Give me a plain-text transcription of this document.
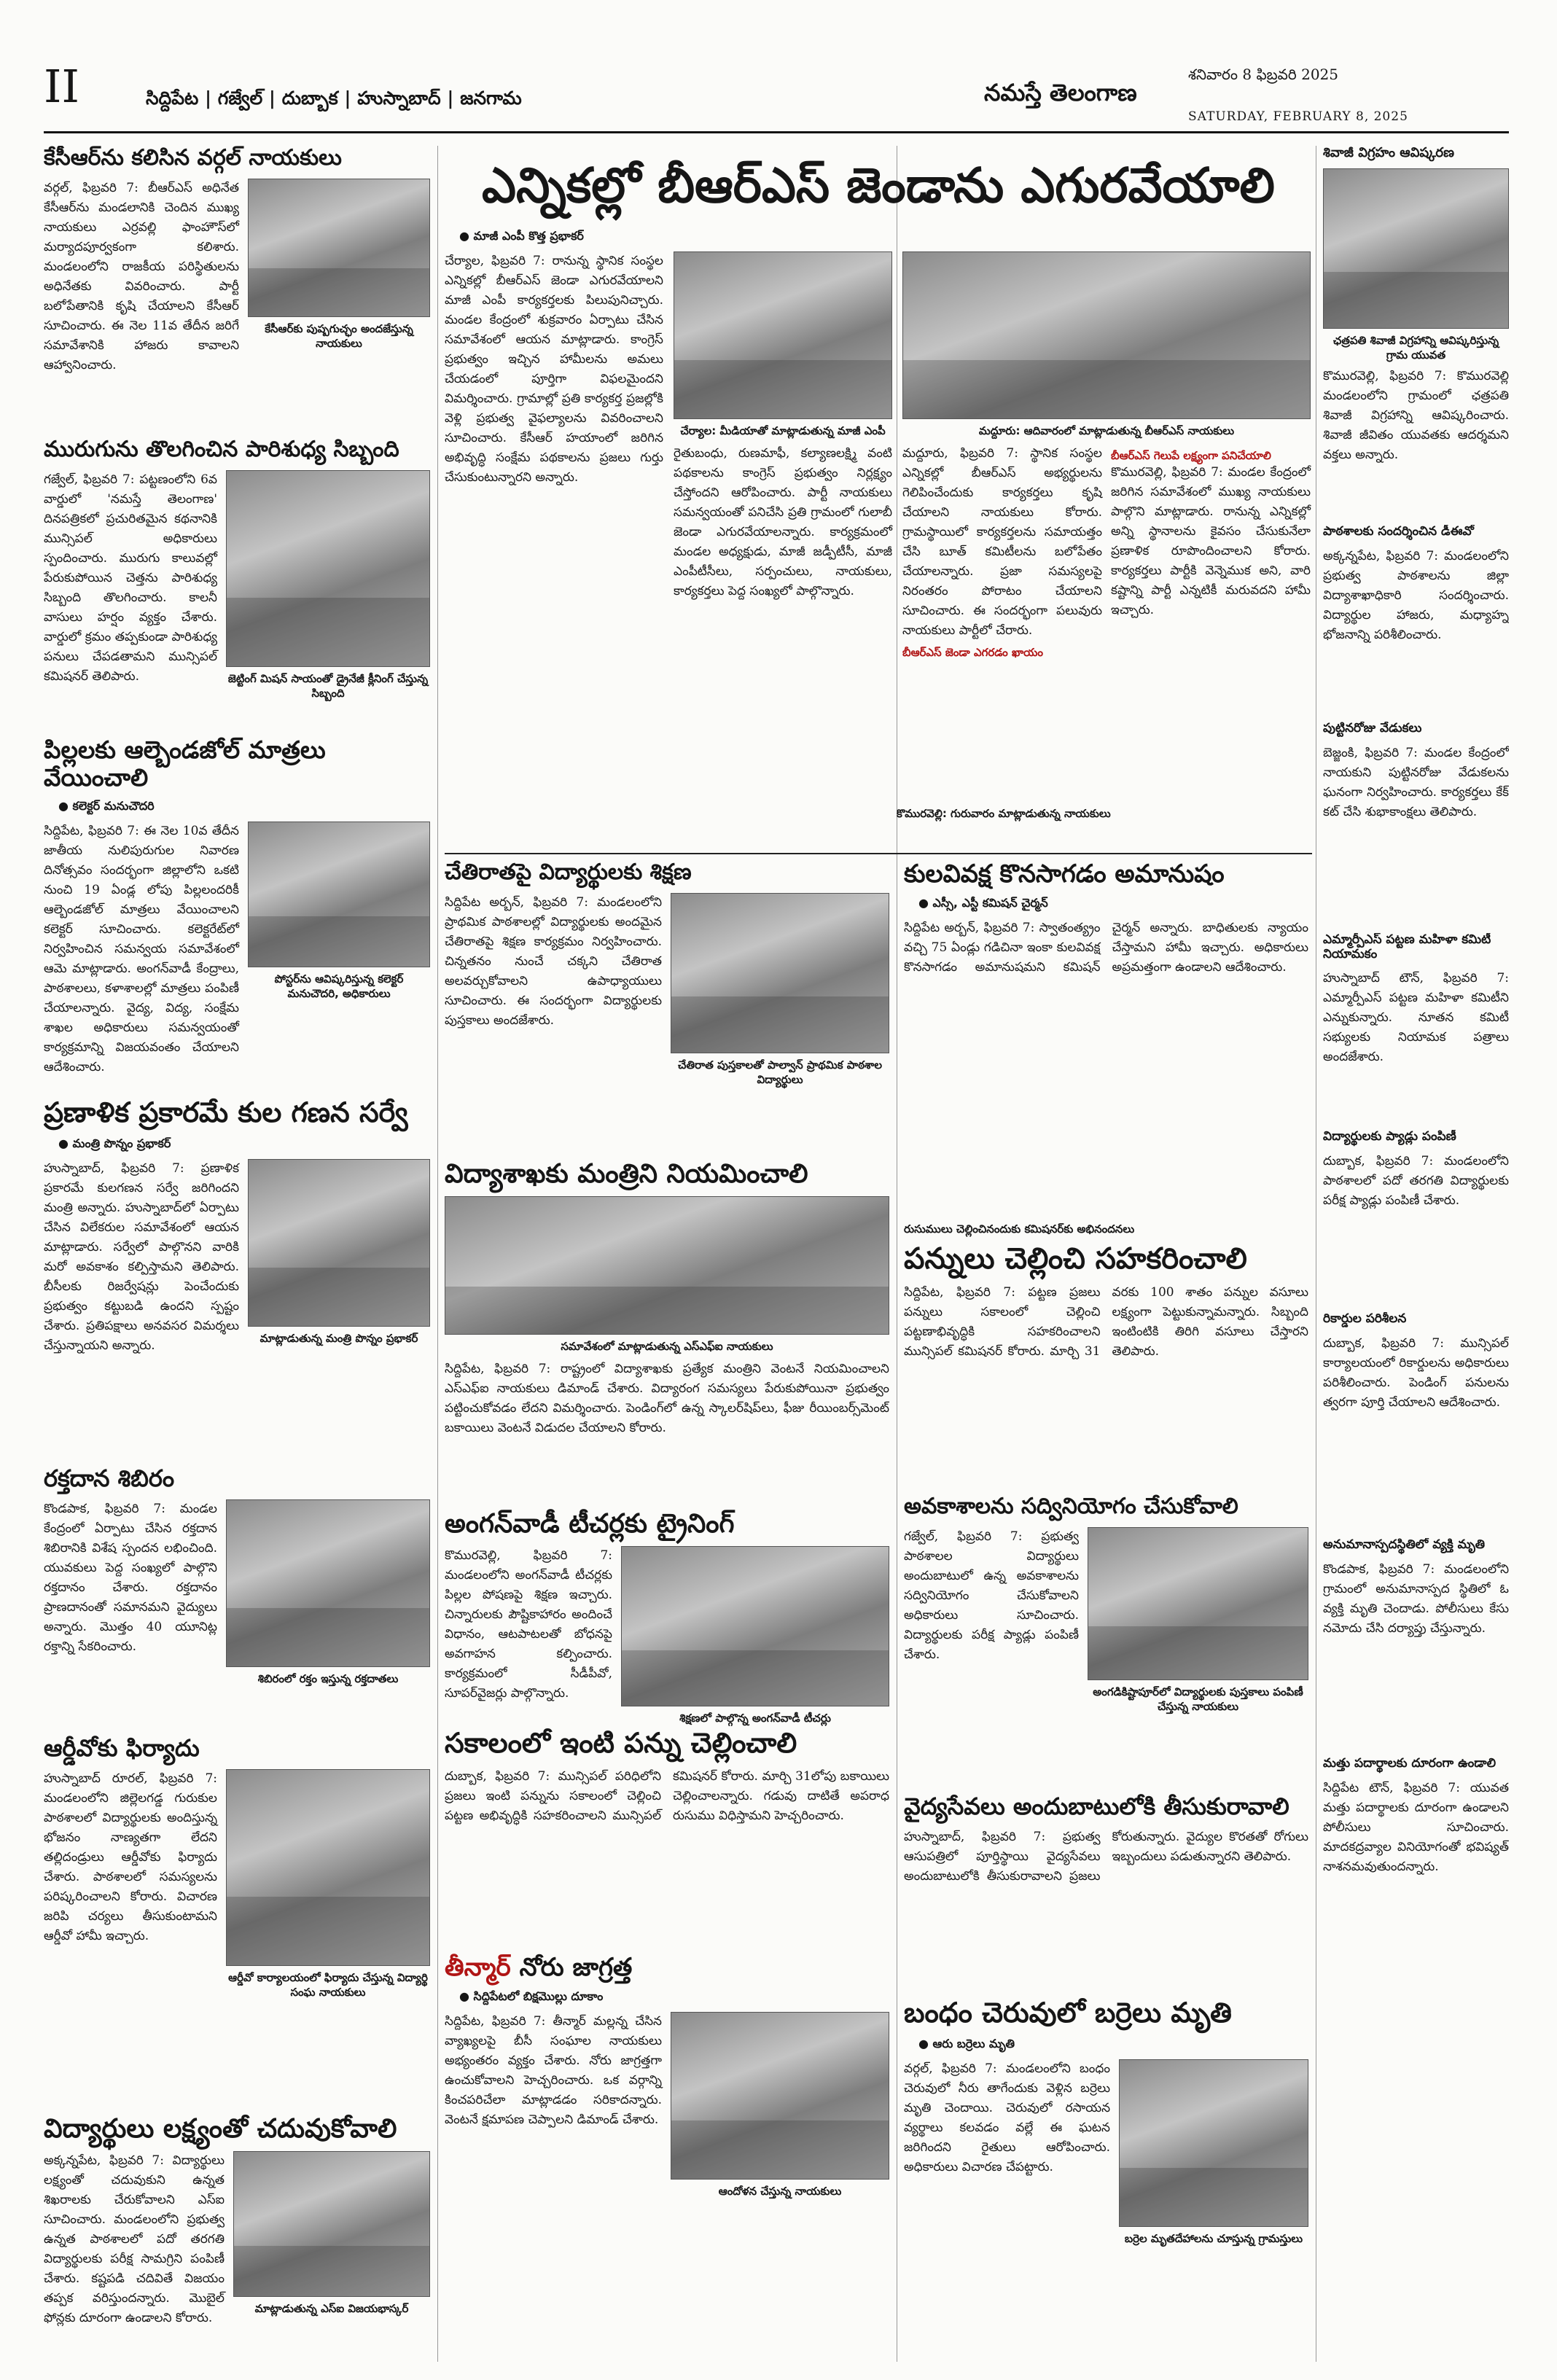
II	సిద్దిపేట | గజ్వేల్ | దుబ్బాక | హుస్నాబాద్ | జనగామ	నమస్తే తెలంగాణ
శనివారం 8 ఫిబ్రవరి 2025
SATURDAY, FEBRUARY 8, 2025
కేసీఆర్‌ను కలిసిన వర్గల్ నాయకులు
వర్గల్, ఫిబ్రవరి 7: బీఆర్ఎస్ అధినేత కేసీఆర్‌ను మండలానికి చెందిన ముఖ్య నాయకులు ఎర్రవల్లి ఫాంహౌస్‌లో మర్యాదపూర్వకంగా కలిశారు. మండలంలోని రాజకీయ పరిస్థితులను అధినేతకు వివరించారు. పార్టీ బలోపేతానికి కృషి చేయాలని కేసీఆర్ సూచించారు. ఈ నెల 11వ తేదీన జరిగే సమావేశానికి హాజరు కావాలని ఆహ్వానించారు.
కేసీఆర్‌కు పుష్పగుచ్ఛం అందజేస్తున్న నాయకులు
మురుగును తొలగించిన పారిశుధ్య సిబ్బంది
గజ్వేల్, ఫిబ్రవరి 7: పట్టణంలోని 6వ వార్డులో 'నమస్తే తెలంగాణ' దినపత్రికలో ప్రచురితమైన కథనానికి మున్సిపల్ అధికారులు స్పందించారు. మురుగు కాలువల్లో పేరుకుపోయిన చెత్తను పారిశుధ్య సిబ్బంది తొలగించారు. కాలనీ వాసులు హర్షం వ్యక్తం చేశారు. వార్డులో క్రమం తప్పకుండా పారిశుధ్య పనులు చేపడతామని మున్సిపల్ కమిషనర్ తెలిపారు.	జెట్టింగ్ మిషన్ సాయంతో డ్రైనేజీ క్లీనింగ్ చేస్తున్న సిబ్బంది
పిల్లలకు ఆల్బెండజోల్ మాత్రలు వేయించాలి
● కలెక్టర్ మనుచౌదరి
సిద్దిపేట, ఫిబ్రవరి 7: ఈ నెల 10వ తేదీన జాతీయ నులిపురుగుల నివారణ దినోత్సవం సందర్భంగా జిల్లాలోని ఒకటి నుంచి 19 ఏండ్ల లోపు పిల్లలందరికీ ఆల్బెండజోల్ మాత్రలు వేయించాలని కలెక్టర్ సూచించారు. కలెక్టరేట్‌లో నిర్వహించిన సమన్వయ సమావేశంలో ఆమె మాట్లాడారు. అంగన్‌వాడీ కేంద్రాలు, పాఠశాలలు, కళాశాలల్లో మాత్రలు పంపిణీ చేయాలన్నారు. వైద్య, విద్య, సంక్షేమ శాఖల అధికారులు సమన్వయంతో కార్యక్రమాన్ని విజయవంతం చేయాలని ఆదేశించారు.
పోస్టర్‌ను ఆవిష్కరిస్తున్న కలెక్టర్ మనుచౌదరి, అధికారులు
ప్రణాళిక ప్రకారమే కుల గణన సర్వే
● మంత్రి పొన్నం ప్రభాకర్
హుస్నాబాద్, ఫిబ్రవరి 7: ప్రణాళిక ప్రకారమే కులగణన సర్వే జరిగిందని మంత్రి అన్నారు. హుస్నాబాద్‌లో ఏర్పాటు చేసిన విలేకరుల సమావేశంలో ఆయన మాట్లాడారు. సర్వేలో పాల్గొనని వారికి మరో అవకాశం కల్పిస్తామని తెలిపారు. బీసీలకు రిజర్వేషన్లు పెంచేందుకు ప్రభుత్వం కట్టుబడి ఉందని స్పష్టం చేశారు. ప్రతిపక్షాలు అనవసర విమర్శలు చేస్తున్నాయని అన్నారు.	మాట్లాడుతున్న మంత్రి పొన్నం ప్రభాకర్
రక్తదాన శిబిరం
కొండపాక, ఫిబ్రవరి 7: మండల కేంద్రంలో ఏర్పాటు చేసిన రక్తదాన శిబిరానికి విశేష స్పందన లభించింది. యువకులు పెద్ద సంఖ్యలో పాల్గొని రక్తదానం చేశారు. రక్తదానం ప్రాణదానంతో సమానమని వైద్యులు అన్నారు. మొత్తం 40 యూనిట్ల రక్తాన్ని సేకరించారు.
శిబిరంలో రక్తం ఇస్తున్న రక్తదాతలు
ఆర్డీవోకు ఫిర్యాదు
హుస్నాబాద్ రూరల్, ఫిబ్రవరి 7: మండలంలోని జిల్లెలగడ్డ గురుకుల పాఠశాలలో విద్యార్థులకు అందిస్తున్న భోజనం నాణ్యతగా లేదని తల్లిదండ్రులు ఆర్డీవోకు ఫిర్యాదు చేశారు. పాఠశాలలో సమస్యలను పరిష్కరించాలని కోరారు. విచారణ జరిపి చర్యలు తీసుకుంటామని ఆర్డీవో హామీ ఇచ్చారు.
ఆర్డీవో కార్యాలయంలో ఫిర్యాదు చేస్తున్న విద్యార్థి సంఘ నాయకులు
విద్యార్థులు లక్ష్యంతో చదువుకోవాలి
అక్కన్నపేట, ఫిబ్రవరి 7: విద్యార్థులు లక్ష్యంతో చదువుకుని ఉన్నత శిఖరాలకు చేరుకోవాలని ఎస్ఐ సూచించారు. మండలంలోని ప్రభుత్వ ఉన్నత పాఠశాలలో పదో తరగతి విద్యార్థులకు పరీక్ష సామగ్రిని పంపిణీ చేశారు. కష్టపడి చదివితే విజయం తప్పక వరిస్తుందన్నారు. మొబైల్ ఫోన్లకు దూరంగా ఉండాలని కోరారు.
మాట్లాడుతున్న ఎస్ఐ విజయభాస్కర్
ఎన్నికల్లో బీఆర్ఎస్ జెండాను ఎగురవేయాలి
● మాజీ ఎంపీ కొత్త ప్రభాకర్
చేర్యాల, ఫిబ్రవరి 7: రానున్న స్థానిక సంస్థల ఎన్నికల్లో బీఆర్ఎస్ జెండా ఎగురవేయాలని మాజీ ఎంపీ కార్యకర్తలకు పిలుపునిచ్చారు. మండల కేంద్రంలో శుక్రవారం ఏర్పాటు చేసిన సమావేశంలో ఆయన మాట్లాడారు. కాంగ్రెస్ ప్రభుత్వం ఇచ్చిన హామీలను అమలు చేయడంలో పూర్తిగా విఫలమైందని విమర్శించారు. గ్రామాల్లో ప్రతి కార్యకర్త ప్రజల్లోకి వెళ్లి ప్రభుత్వ వైఫల్యాలను వివరించాలని సూచించారు. కేసీఆర్ హయాంలో జరిగిన అభివృద్ధి సంక్షేమ పథకాలను ప్రజలు గుర్తు చేసుకుంటున్నారని అన్నారు.
చేర్యాల: మీడియాతో మాట్లాడుతున్న మాజీ ఎంపీ
రైతుబంధు, రుణమాఫీ, కల్యాణలక్ష్మి వంటి పథకాలను కాంగ్రెస్ ప్రభుత్వం నిర్లక్ష్యం చేస్తోందని ఆరోపించారు. పార్టీ నాయకులు సమన్వయంతో పనిచేసి ప్రతి గ్రామంలో గులాబీ జెండా ఎగురవేయాలన్నారు. కార్యక్రమంలో మండల అధ్యక్షుడు, మాజీ జడ్పీటీసీ, మాజీ ఎంపీటీసీలు, సర్పంచులు, నాయకులు, కార్యకర్తలు పెద్ద సంఖ్యలో పాల్గొన్నారు.
మద్దూరు: ఆదివారంలో మాట్లాడుతున్న బీఆర్ఎస్ నాయకులు
మద్దూరు, ఫిబ్రవరి 7: స్థానిక సంస్థల ఎన్నికల్లో బీఆర్ఎస్ అభ్యర్థులను గెలిపించేందుకు కార్యకర్తలు కృషి చేయాలని నాయకులు కోరారు. గ్రామస్థాయిలో కార్యకర్తలను సమాయత్తం చేసి బూత్ కమిటీలను బలోపేతం చేయాలన్నారు. ప్రజా సమస్యలపై నిరంతరం పోరాటం చేయాలని సూచించారు. ఈ సందర్భంగా పలువురు నాయకులు పార్టీలో చేరారు.
బీఆర్ఎస్ జెండా ఎగరడం ఖాయం
బీఆర్ఎస్ గెలుపే లక్ష్యంగా పనిచేయాలి
కొమురవెల్లి, ఫిబ్రవరి 7: మండల కేంద్రంలో జరిగిన సమావేశంలో ముఖ్య నాయకులు పాల్గొని మాట్లాడారు. రానున్న ఎన్నికల్లో అన్ని స్థానాలను కైవసం చేసుకునేలా ప్రణాళిక రూపొందించాలని కోరారు. కార్యకర్తలు పార్టీకి వెన్నెముక అని, వారి కష్టాన్ని పార్టీ ఎన్నటికీ మరువదని హామీ ఇచ్చారు.
కొమురవెల్లి: గురువారం మాట్లాడుతున్న నాయకులు
చేతిరాతపై విద్యార్థులకు శిక్షణ
సిద్దిపేట అర్బన్, ఫిబ్రవరి 7: మండలంలోని ప్రాథమిక పాఠశాలల్లో విద్యార్థులకు అందమైన చేతిరాతపై శిక్షణ కార్యక్రమం నిర్వహించారు. చిన్నతనం నుంచే చక్కని చేతిరాత అలవర్చుకోవాలని ఉపాధ్యాయులు సూచించారు. ఈ సందర్భంగా విద్యార్థులకు పుస్తకాలు అందజేశారు.
చేతిరాత పుస్తకాలతో పాల్వాన్ ప్రాథమిక పాఠశాల విద్యార్థులు
విద్యాశాఖకు మంత్రిని నియమించాలి
సమావేశంలో మాట్లాడుతున్న ఎస్ఎఫ్ఐ నాయకులు
సిద్దిపేట, ఫిబ్రవరి 7: రాష్ట్రంలో విద్యాశాఖకు ప్రత్యేక మంత్రిని వెంటనే నియమించాలని ఎస్ఎఫ్ఐ నాయకులు డిమాండ్ చేశారు. విద్యారంగ సమస్యలు పేరుకుపోయినా ప్రభుత్వం పట్టించుకోవడం లేదని విమర్శించారు. పెండింగ్‌లో ఉన్న స్కాలర్‌షిప్‌లు, ఫీజు రీయింబర్స్‌మెంట్ బకాయిలు వెంటనే విడుదల చేయాలని కోరారు.
అంగన్‌వాడీ టీచర్లకు ట్రైనింగ్
కొమురవెల్లి, ఫిబ్రవరి 7: మండలంలోని అంగన్‌వాడీ టీచర్లకు పిల్లల పోషణపై శిక్షణ ఇచ్చారు. చిన్నారులకు పౌష్టికాహారం అందించే విధానం, ఆటపాటలతో బోధనపై అవగాహన కల్పించారు. కార్యక్రమంలో సీడీపీవో, సూపర్‌వైజర్లు పాల్గొన్నారు.
శిక్షణలో పాల్గొన్న అంగన్‌వాడీ టీచర్లు
సకాలంలో ఇంటి పన్ను చెల్లించాలి
దుబ్బాక, ఫిబ్రవరి 7: మున్సిపల్ పరిధిలోని ప్రజలు ఇంటి పన్నును సకాలంలో చెల్లించి పట్టణ అభివృద్ధికి సహకరించాలని మున్సిపల్ కమిషనర్ కోరారు. మార్చి 31లోపు బకాయిలు చెల్లించాలన్నారు. గడువు దాటితే అపరాధ రుసుము విధిస్తామని హెచ్చరించారు.
తీన్మార్ నోరు జాగ్రత్త
● సిద్దిపేటలో బిక్షమొల్లు దూకాం
సిద్దిపేట, ఫిబ్రవరి 7: తీన్మార్ మల్లన్న చేసిన వ్యాఖ్యలపై బీసీ సంఘాల నాయకులు అభ్యంతరం వ్యక్తం చేశారు. నోరు జాగ్రత్తగా ఉంచుకోవాలని హెచ్చరించారు. ఒక వర్గాన్ని కించపరిచేలా మాట్లాడడం సరికాదన్నారు. వెంటనే క్షమాపణ చెప్పాలని డిమాండ్ చేశారు.
ఆందోళన చేస్తున్న నాయకులు
కులవివక్ష కొనసాగడం అమానుషం
● ఎస్సీ, ఎస్టీ కమిషన్ చైర్మన్
సిద్దిపేట అర్బన్, ఫిబ్రవరి 7: స్వాతంత్య్రం వచ్చి 75 ఏండ్లు గడిచినా ఇంకా కులవివక్ష కొనసాగడం అమానుషమని కమిషన్ చైర్మన్ అన్నారు. బాధితులకు న్యాయం చేస్తామని హామీ ఇచ్చారు. అధికారులు అప్రమత్తంగా ఉండాలని ఆదేశించారు.
రుసుములు చెల్లించినందుకు కమిషనర్‌కు అభినందనలు
పన్నులు చెల్లించి సహకరించాలి
సిద్దిపేట, ఫిబ్రవరి 7: పట్టణ ప్రజలు పన్నులు సకాలంలో చెల్లించి పట్టణాభివృద్ధికి సహకరించాలని మున్సిపల్ కమిషనర్ కోరారు. మార్చి 31 వరకు 100 శాతం పన్నుల వసూలు లక్ష్యంగా పెట్టుకున్నామన్నారు. సిబ్బంది ఇంటింటికి తిరిగి వసూలు చేస్తారని తెలిపారు.
అవకాశాలను సద్వినియోగం చేసుకోవాలి
గజ్వేల్, ఫిబ్రవరి 7: ప్రభుత్వ పాఠశాలల విద్యార్థులు అందుబాటులో ఉన్న అవకాశాలను సద్వినియోగం చేసుకోవాలని అధికారులు సూచించారు. విద్యార్థులకు పరీక్ష ప్యాడ్లు పంపిణీ చేశారు.
అంగడికిష్టాపూర్‌లో విద్యార్థులకు పుస్తకాలు పంపిణీ చేస్తున్న నాయకులు
వైద్యసేవలు అందుబాటులోకి తీసుకురావాలి
హుస్నాబాద్, ఫిబ్రవరి 7: ప్రభుత్వ ఆసుపత్రిలో పూర్తిస్థాయి వైద్యసేవలు అందుబాటులోకి తీసుకురావాలని ప్రజలు కోరుతున్నారు. వైద్యుల కొరతతో రోగులు ఇబ్బందులు పడుతున్నారని తెలిపారు.
బంధం చెరువులో బర్రెలు మృతి
● ఆరు బర్రెలు మృతి
వర్గల్, ఫిబ్రవరి 7: మండలంలోని బంధం చెరువులో నీరు తాగేందుకు వెళ్లిన బర్రెలు మృతి చెందాయి. చెరువులో రసాయన వ్యర్థాలు కలవడం వల్లే ఈ ఘటన జరిగిందని రైతులు ఆరోపించారు. అధికారులు విచారణ చేపట్టారు.
బర్రెల మృతదేహాలను చూస్తున్న గ్రామస్తులు
శివాజీ విగ్రహం ఆవిష్కరణ
ఛత్రపతి శివాజీ విగ్రహాన్ని ఆవిష్కరిస్తున్న గ్రామ యువత
కొమురవెల్లి, ఫిబ్రవరి 7: కొమురవెల్లి మండలంలోని గ్రామంలో ఛత్రపతి శివాజీ విగ్రహాన్ని ఆవిష్కరించారు. శివాజీ జీవితం యువతకు ఆదర్శమని వక్తలు అన్నారు.
పాఠశాలకు సందర్శించిన డీఈవో
అక్కన్నపేట, ఫిబ్రవరి 7: మండలంలోని ప్రభుత్వ పాఠశాలను జిల్లా విద్యాశాఖాధికారి సందర్శించారు. విద్యార్థుల హాజరు, మధ్యాహ్న భోజనాన్ని పరిశీలించారు.
పుట్టినరోజు వేడుకలు
బెజ్జంకి, ఫిబ్రవరి 7: మండల కేంద్రంలో నాయకుని పుట్టినరోజు వేడుకలను ఘనంగా నిర్వహించారు. కార్యకర్తలు కేక్ కట్ చేసి శుభాకాంక్షలు తెలిపారు.
ఎమ్మార్పీఎస్ పట్టణ మహిళా కమిటీ నియామకం
హుస్నాబాద్ టౌన్, ఫిబ్రవరి 7: ఎమ్మార్పీఎస్ పట్టణ మహిళా కమిటీని ఎన్నుకున్నారు. నూతన కమిటీ సభ్యులకు నియామక పత్రాలు అందజేశారు.
విద్యార్థులకు ప్యాడ్లు పంపిణీ
దుబ్బాక, ఫిబ్రవరి 7: మండలంలోని పాఠశాలలో పదో తరగతి విద్యార్థులకు పరీక్ష ప్యాడ్లు పంపిణీ చేశారు.
రికార్డుల పరిశీలన
దుబ్బాక, ఫిబ్రవరి 7: మున్సిపల్ కార్యాలయంలో రికార్డులను అధికారులు పరిశీలించారు. పెండింగ్ పనులను త్వరగా పూర్తి చేయాలని ఆదేశించారు.
అనుమానాస్పదస్థితిలో వ్యక్తి మృతి
కొండపాక, ఫిబ్రవరి 7: మండలంలోని గ్రామంలో అనుమానాస్పద స్థితిలో ఓ వ్యక్తి మృతి చెందాడు. పోలీసులు కేసు నమోదు చేసి దర్యాప్తు చేస్తున్నారు.
మత్తు పదార్థాలకు దూరంగా ఉండాలి
సిద్దిపేట టౌన్, ఫిబ్రవరి 7: యువత మత్తు పదార్థాలకు దూరంగా ఉండాలని పోలీసులు సూచించారు. మాదకద్రవ్యాల వినియోగంతో భవిష్యత్ నాశనమవుతుందన్నారు.
